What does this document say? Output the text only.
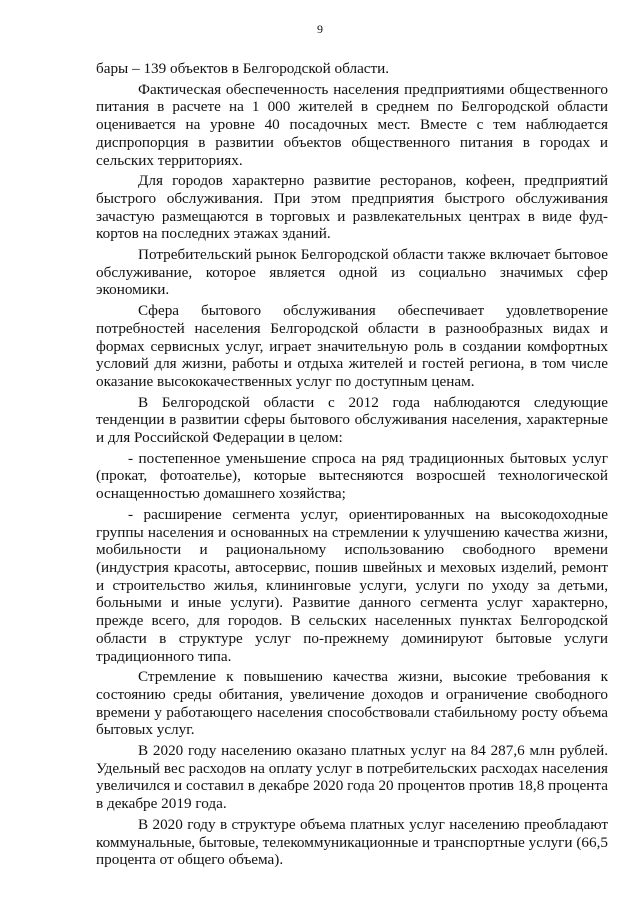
9

бары – 139 объектов в Белгородской области.

Фактическая обеспеченность населения предприятиями общественного питания в расчете на 1 000 жителей в среднем по Белгородской области оценивается на уровне 40 посадочных мест. Вместе с тем наблюдается диспропорция в развитии объектов общественного питания в городах и сельских территориях.

Для городов характерно развитие ресторанов, кофеен, предприятий быстрого обслуживания. При этом предприятия быстрого обслуживания зачастую размещаются в торговых и развлекательных центрах в виде фуд-кортов на последних этажах зданий.

Потребительский рынок Белгородской области также включает бытовое обслуживание, которое является одной из социально значимых сфер экономики.

Сфера бытового обслуживания обеспечивает удовлетворение потребностей населения Белгородской области в разнообразных видах и формах сервисных услуг, играет значительную роль в создании комфортных условий для жизни, работы и отдыха жителей и гостей региона, в том числе оказание высококачественных услуг по доступным ценам.

В Белгородской области с 2012 года наблюдаются следующие тенденции в развитии сферы бытового обслуживания населения, характерные и для Российской Федерации в целом:

- постепенное уменьшение спроса на ряд традиционных бытовых услуг (прокат, фотоателье), которые вытесняются возросшей технологической оснащенностью домашнего хозяйства;

- расширение сегмента услуг, ориентированных на высокодоходные группы населения и основанных на стремлении к улучшению качества жизни, мобильности и рациональному использованию свободного времени (индустрия красоты, автосервис, пошив швейных и меховых изделий, ремонт и строительство жилья, клининговые услуги, услуги по уходу за детьми, больными и иные услуги). Развитие данного сегмента услуг характерно, прежде всего, для городов. В сельских населенных пунктах Белгородской области в структуре услуг по-прежнему доминируют бытовые услуги традиционного типа.

Стремление к повышению качества жизни, высокие требования к состоянию среды обитания, увеличение доходов и ограничение свободного времени у работающего населения способствовали стабильному росту объема бытовых услуг.

В 2020 году населению оказано платных услуг на 84 287,6 млн рублей. Удельный вес расходов на оплату услуг в потребительских расходах населения увеличился и составил в декабре 2020 года 20 процентов против 18,8 процента в декабре 2019 года.

В 2020 году в структуре объема платных услуг населению преобладают коммунальные, бытовые, телекоммуникационные и транспортные услуги (66,5 процента от общего объема).
